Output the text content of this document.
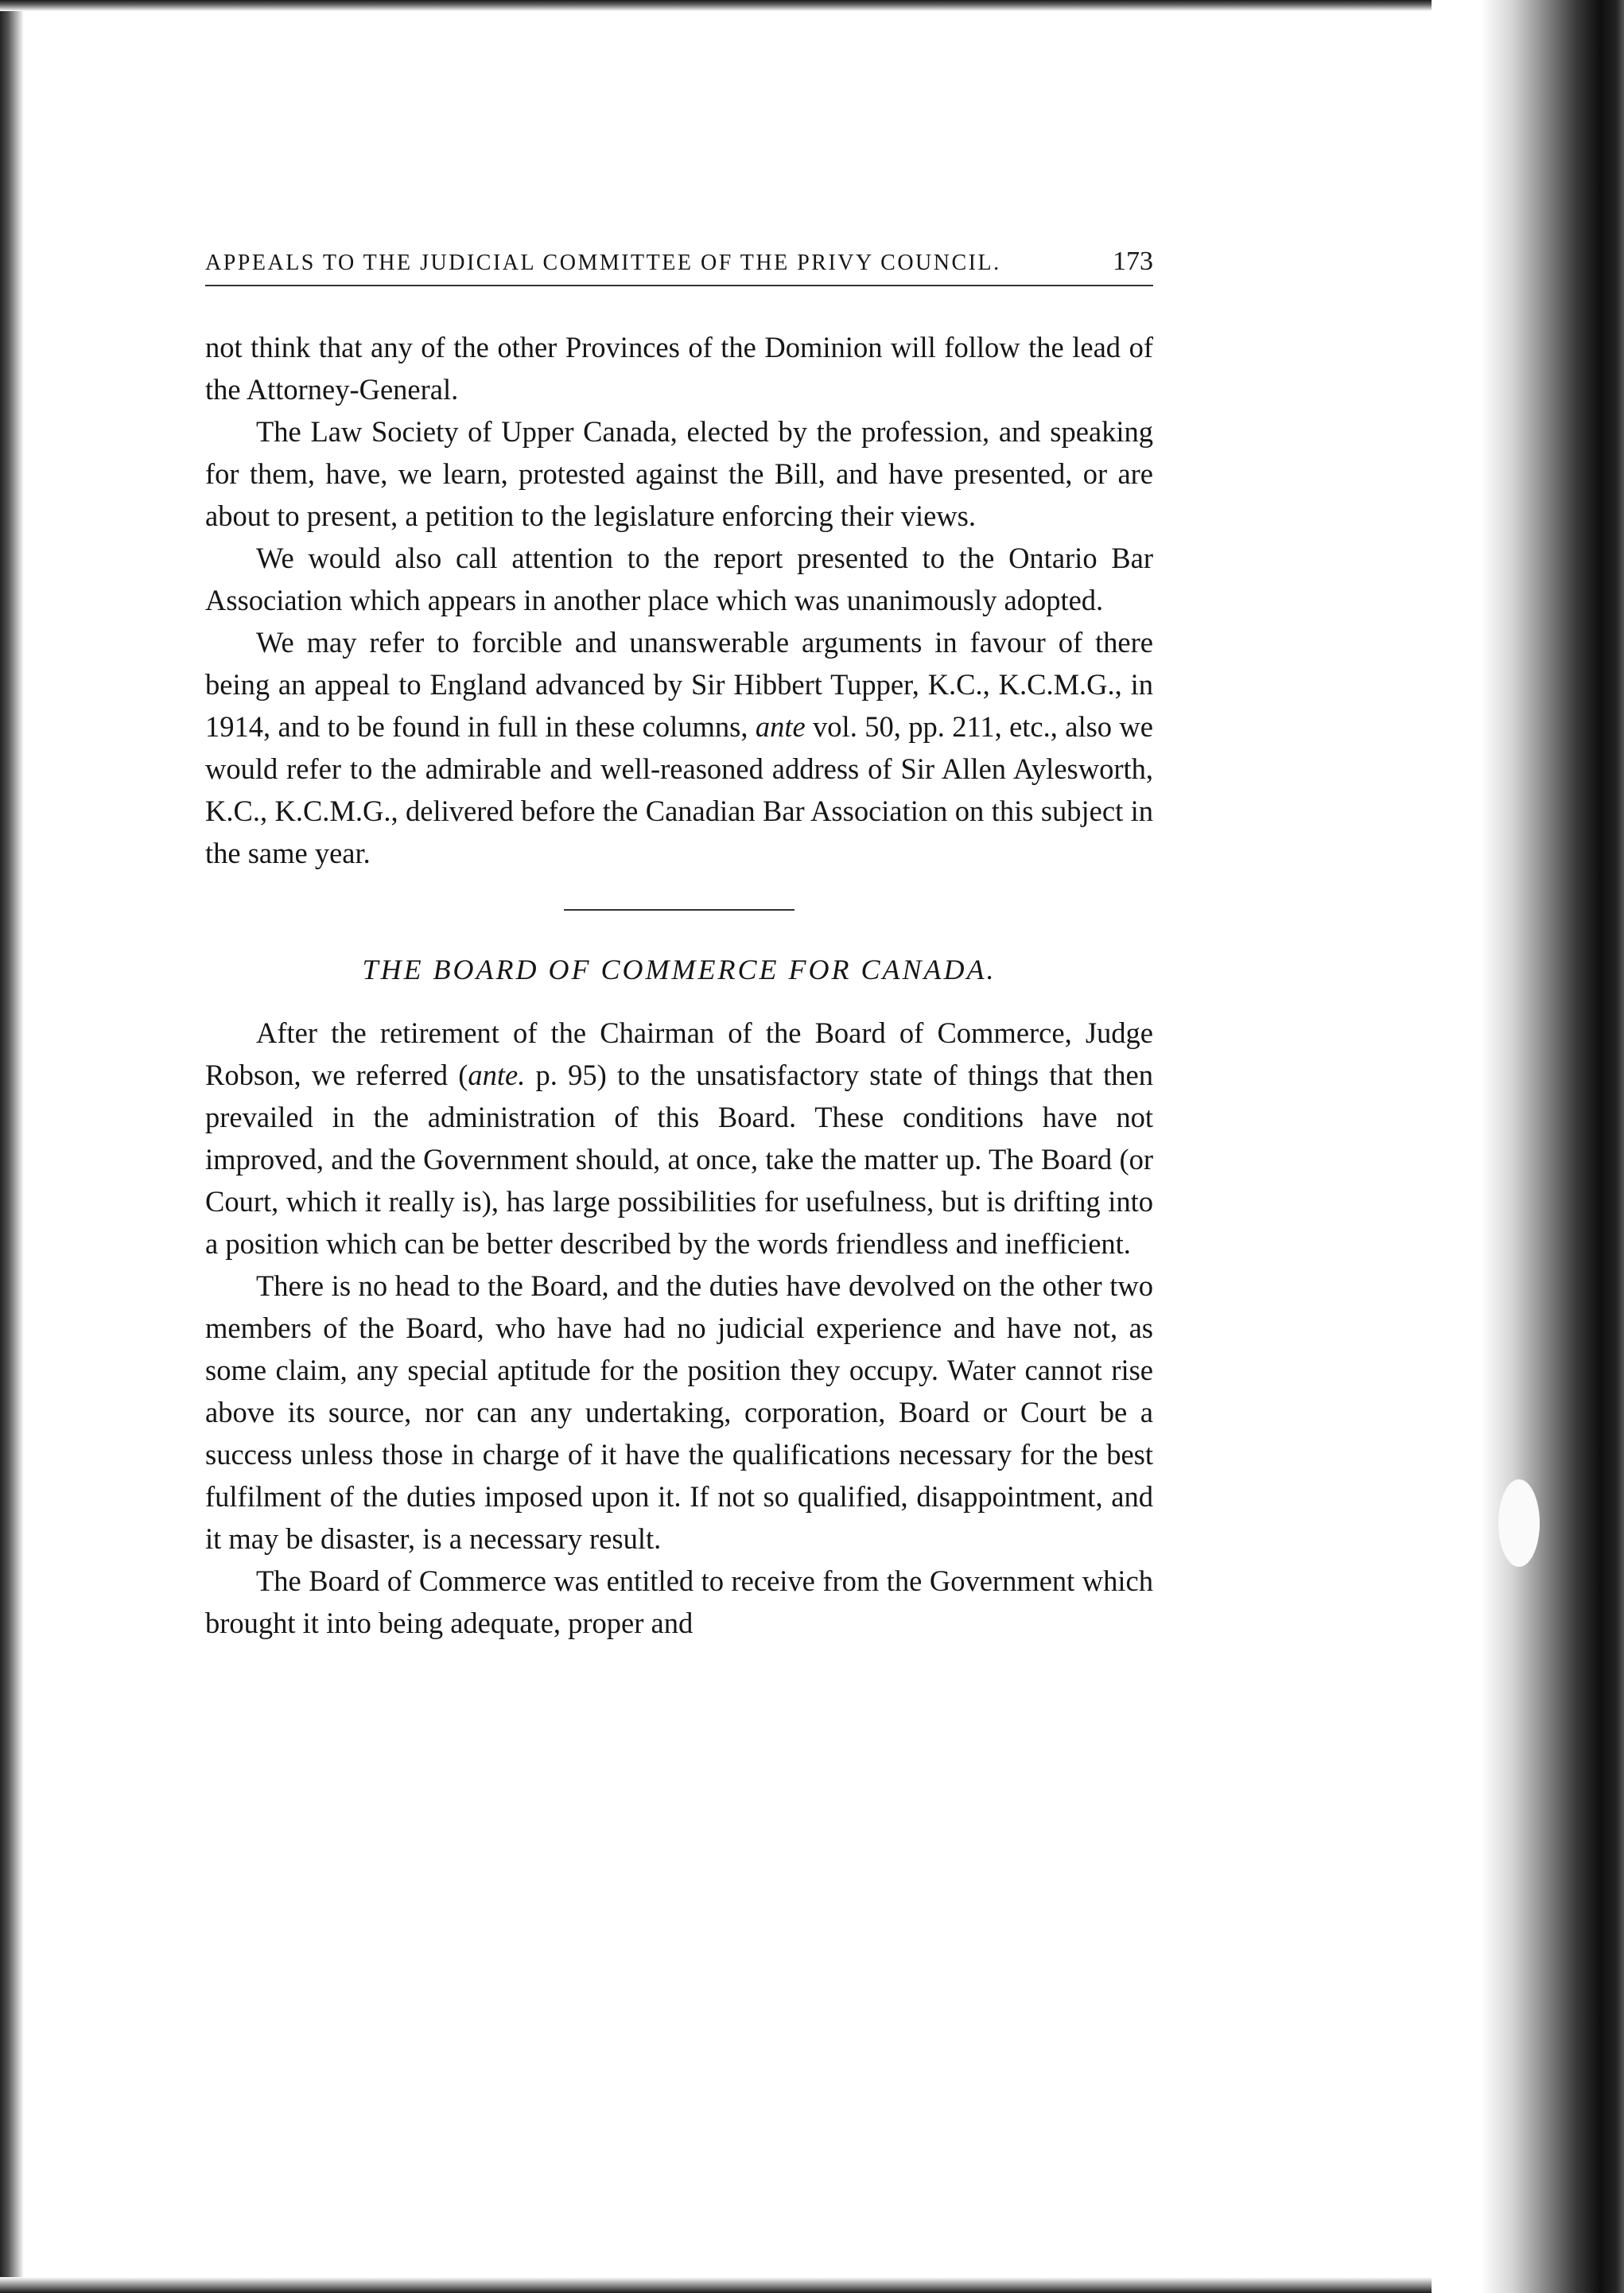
APPEALS TO THE JUDICIAL COMMITTEE OF THE PRIVY COUNCIL.	173

not think that any of the other Provinces of the Dominion will follow the lead of the Attorney-General.

The Law Society of Upper Canada, elected by the profession, and speaking for them, have, we learn, protested against the Bill, and have presented, or are about to present, a petition to the legislature enforcing their views.

We would also call attention to the report presented to the Ontario Bar Association which appears in another place which was unanimously adopted.

We may refer to forcible and unanswerable arguments in favour of there being an appeal to England advanced by Sir Hibbert Tupper, K.C., K.C.M.G., in 1914, and to be found in full in these columns, ante vol. 50, pp. 211, etc., also we would refer to the admirable and well-reasoned address of Sir Allen Aylesworth, K.C., K.C.M.G., delivered before the Canadian Bar Association on this subject in the same year.

THE BOARD OF COMMERCE FOR CANADA.

After the retirement of the Chairman of the Board of Commerce, Judge Robson, we referred (ante. p. 95) to the unsatisfactory state of things that then prevailed in the administration of this Board. These conditions have not improved, and the Government should, at once, take the matter up. The Board (or Court, which it really is), has large possibilities for usefulness, but is drifting into a position which can be better described by the words friendless and inefficient.

There is no head to the Board, and the duties have devolved on the other two members of the Board, who have had no judicial experience and have not, as some claim, any special aptitude for the position they occupy. Water cannot rise above its source, nor can any undertaking, corporation, Board or Court be a success unless those in charge of it have the qualifications necessary for the best fulfilment of the duties imposed upon it. If not so qualified, disappointment, and it may be disaster, is a necessary result.

The Board of Commerce was entitled to receive from the Government which brought it into being adequate, proper and
